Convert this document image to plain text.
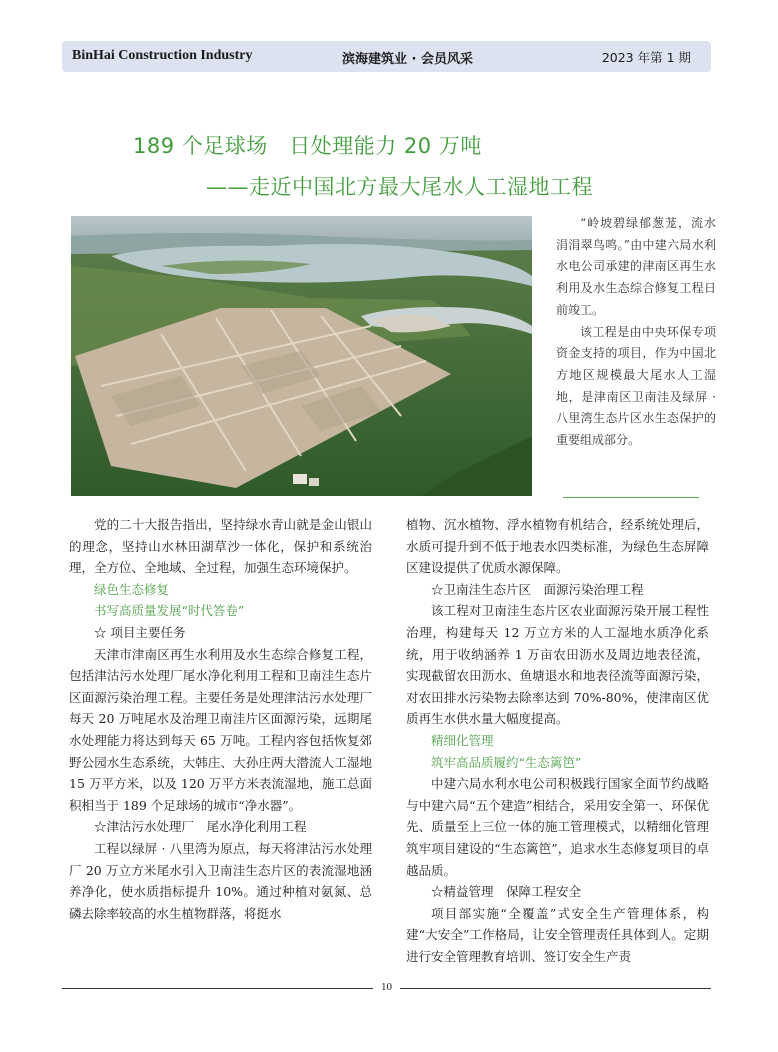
BinHai Construction Industry	滨海建筑业 · 会员风采	2023 年第 1 期
189 个足球场　日处理能力 20 万吨
——走近中国北方最大尾水人工湿地工程

“岭坡碧绿郁葱茏，流水涓涓翠鸟鸣。”由中建六局水利水电公司承建的津南区再生水利用及水生态综合修复工程日前竣工。

该工程是由中央环保专项资金支持的项目，作为中国北方地区规模最大尾水人工湿地，是津南区卫南洼及绿屏 · 八里湾生态片区水生态保护的重要组成部分。

党的二十大报告指出，坚持绿水青山就是金山银山的理念，坚持山水林田湖草沙一体化，保护和系统治理，全方位、全地域、全过程，加强生态环境保护。

绿色生态修复

书写高质量发展“时代答卷”

☆ 项目主要任务

天津市津南区再生水利用及水生态综合修复工程，包括津沽污水处理厂尾水净化利用工程和卫南洼生态片区面源污染治理工程。主要任务是处理津沽污水处理厂每天 20 万吨尾水及治理卫南洼片区面源污染，远期尾水处理能力将达到每天 65 万吨。工程内容包括恢复郊野公园水生态系统，大韩庄、大孙庄两大潜流人工湿地 15 万平方米，以及 120 万平方米表流湿地，施工总面积相当于 189 个足球场的城市“净水器”。

☆津沽污水处理厂　尾水净化利用工程

工程以绿屏 · 八里湾为原点，每天将津沽污水处理厂 20 万立方米尾水引入卫南洼生态片区的表流湿地涵养净化，使水质指标提升 10%。通过种植对氨氮、总磷去除率较高的水生植物群落，将挺水

植物、沉水植物、浮水植物有机结合，经系统处理后，水质可提升到不低于地表水四类标准，为绿色生态屏障区建设提供了优质水源保障。

☆卫南洼生态片区　面源污染治理工程

该工程对卫南洼生态片区农业面源污染开展工程性治理，构建每天 12 万立方米的人工湿地水质净化系统，用于收纳涵养 1 万亩农田沥水及周边地表径流，实现截留农田沥水、鱼塘退水和地表径流等面源污染，对农田排水污染物去除率达到 70%-80%，使津南区优质再生水供水量大幅度提高。

精细化管理

筑牢高品质履约“生态篱笆”

中建六局水利水电公司积极践行国家全面节约战略与中建六局“五个建造”相结合，采用安全第一、环保优先、质量至上三位一体的施工管理模式，以精细化管理筑牢项目建设的“生态篱笆”，追求水生态修复项目的卓越品质。

☆精益管理　保障工程安全

项目部实施“全覆盖”式安全生产管理体系，构建“大安全”工作格局，让安全管理责任具体到人。定期进行安全管理教育培训、签订安全生产责

10
